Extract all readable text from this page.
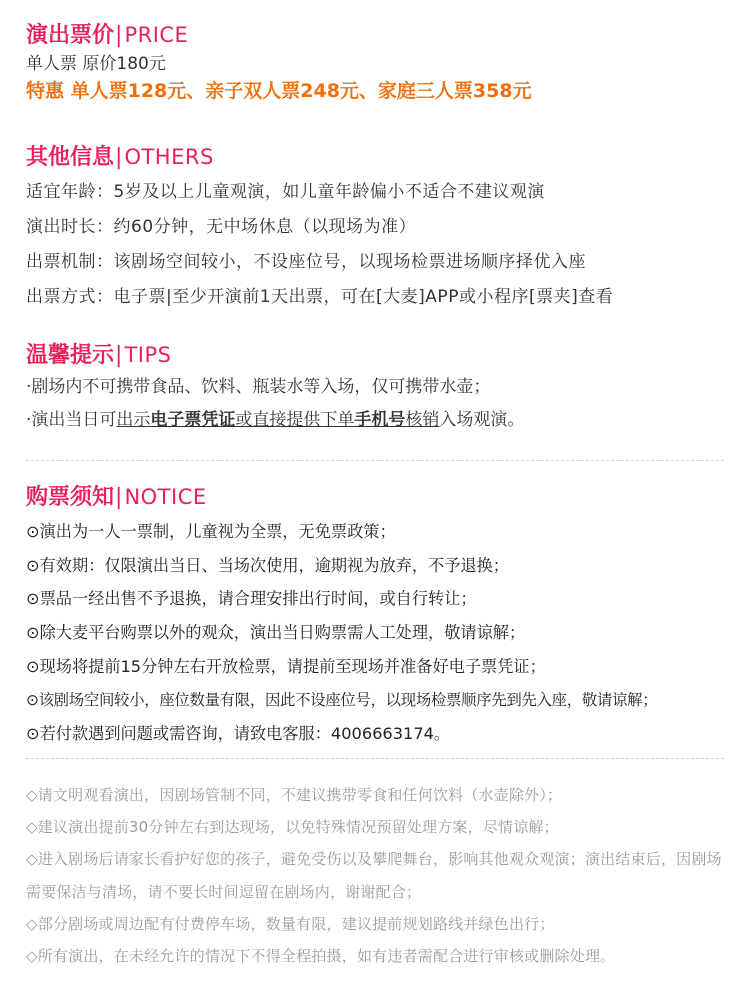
演出票价 | PRICE
单人票 原价180元
特惠 单人票128元、亲子双人票248元、家庭三人票358元
其他信息 | OTHERS
适宜年龄：5岁及以上儿童观演，如儿童年龄偏小不适合不建议观演
演出时长：约60分钟，无中场休息（以现场为准）
出票机制：该剧场空间较小，不设座位号，以现场检票进场顺序择优入座
出票方式：电子票|至少开演前1天出票，可在[大麦]APP或小程序[票夹]查看
温馨提示 | TIPS
·剧场内不可携带食品、饮料、瓶装水等入场，仅可携带水壶；
·演出当日可出示电子票凭证或直接提供下单手机号核销入场观演。
购票须知 | NOTICE
⊙演出为一人一票制，儿童视为全票，无免票政策；
⊙有效期：仅限演出当日、当场次使用，逾期视为放弃，不予退换；
⊙票品一经出售不予退换，请合理安排出行时间，或自行转让；
⊙除大麦平台购票以外的观众，演出当日购票需人工处理，敬请谅解；
⊙现场将提前15分钟左右开放检票，请提前至现场并准备好电子票凭证；
⊙该剧场空间较小，座位数量有限，因此不设座位号，以现场检票顺序先到先入座，敬请谅解；
⊙若付款遇到问题或需咨询，请致电客服：4006663174。
◇请文明观看演出，因剧场管制不同，不建议携带零食和任何饮料（水壶除外）；
◇建议演出提前30分钟左右到达现场，以免特殊情况预留处理方案，尽情谅解；
◇进入剧场后请家长看护好您的孩子，避免受伤以及攀爬舞台，影响其他观众观演；演出结束后，因剧场需要保洁与清场，请不要长时间逗留在剧场内，谢谢配合；
◇部分剧场或周边配有付费停车场，数量有限，建议提前规划路线并绿色出行；
◇所有演出，在未经允许的情况下不得全程拍摄，如有违者需配合进行审核或删除处理。
